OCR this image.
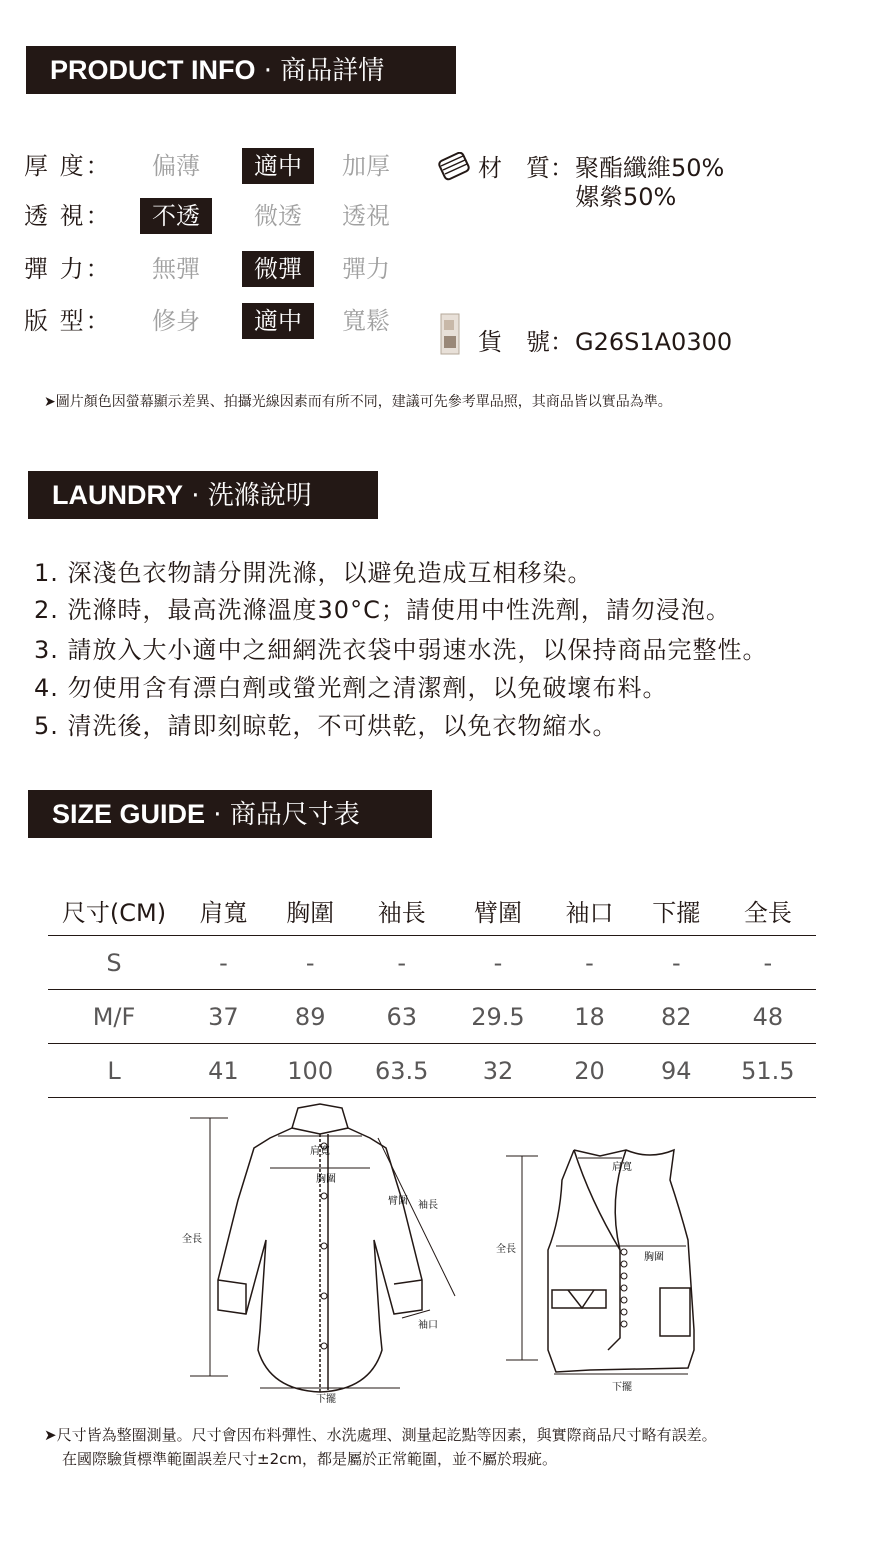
PRODUCT INFO · 商品詳情
厚 度：	偏薄	適中	加厚
透 視：	不透	微透	透視
彈 力：	無彈	微彈	彈力
版 型：	修身	適中	寬鬆
材　質： 聚酯纖維50%
嫘縈50%
貨　號： G26S1A0300
➤圖片顏色因螢幕顯示差異、拍攝光線因素而有所不同，建議可先參考單品照，其商品皆以實品為準。
LAUNDRY · 洗滌說明
1. 深淺色衣物請分開洗滌，以避免造成互相移染。
2. 洗滌時，最高洗滌溫度30°C；請使用中性洗劑，請勿浸泡。
3. 請放入大小適中之細網洗衣袋中弱速水洗，以保持商品完整性。
4. 勿使用含有漂白劑或螢光劑之清潔劑，以免破壞布料。
5. 清洗後，請即刻晾乾，不可烘乾，以免衣物縮水。
SIZE GUIDE · 商品尺寸表
尺寸(CM)	肩寬	胸圍	袖長	臂圍	袖口	下擺	全長
S	-	-	-	-	-	-	-
M/F	37	89	63	29.5	18	82	48
L	41	100	63.5	32	20	94	51.5
肩寬
胸圍
臂圍 袖長
全長
袖口
下擺
肩寬
胸圍
全長
下擺
➤尺寸皆為整圈測量。尺寸會因布料彈性、水洗處理、測量起訖點等因素，與實際商品尺寸略有誤差。
在國際驗貨標準範圍誤差尺寸±2cm，都是屬於正常範圍，並不屬於瑕疵。
